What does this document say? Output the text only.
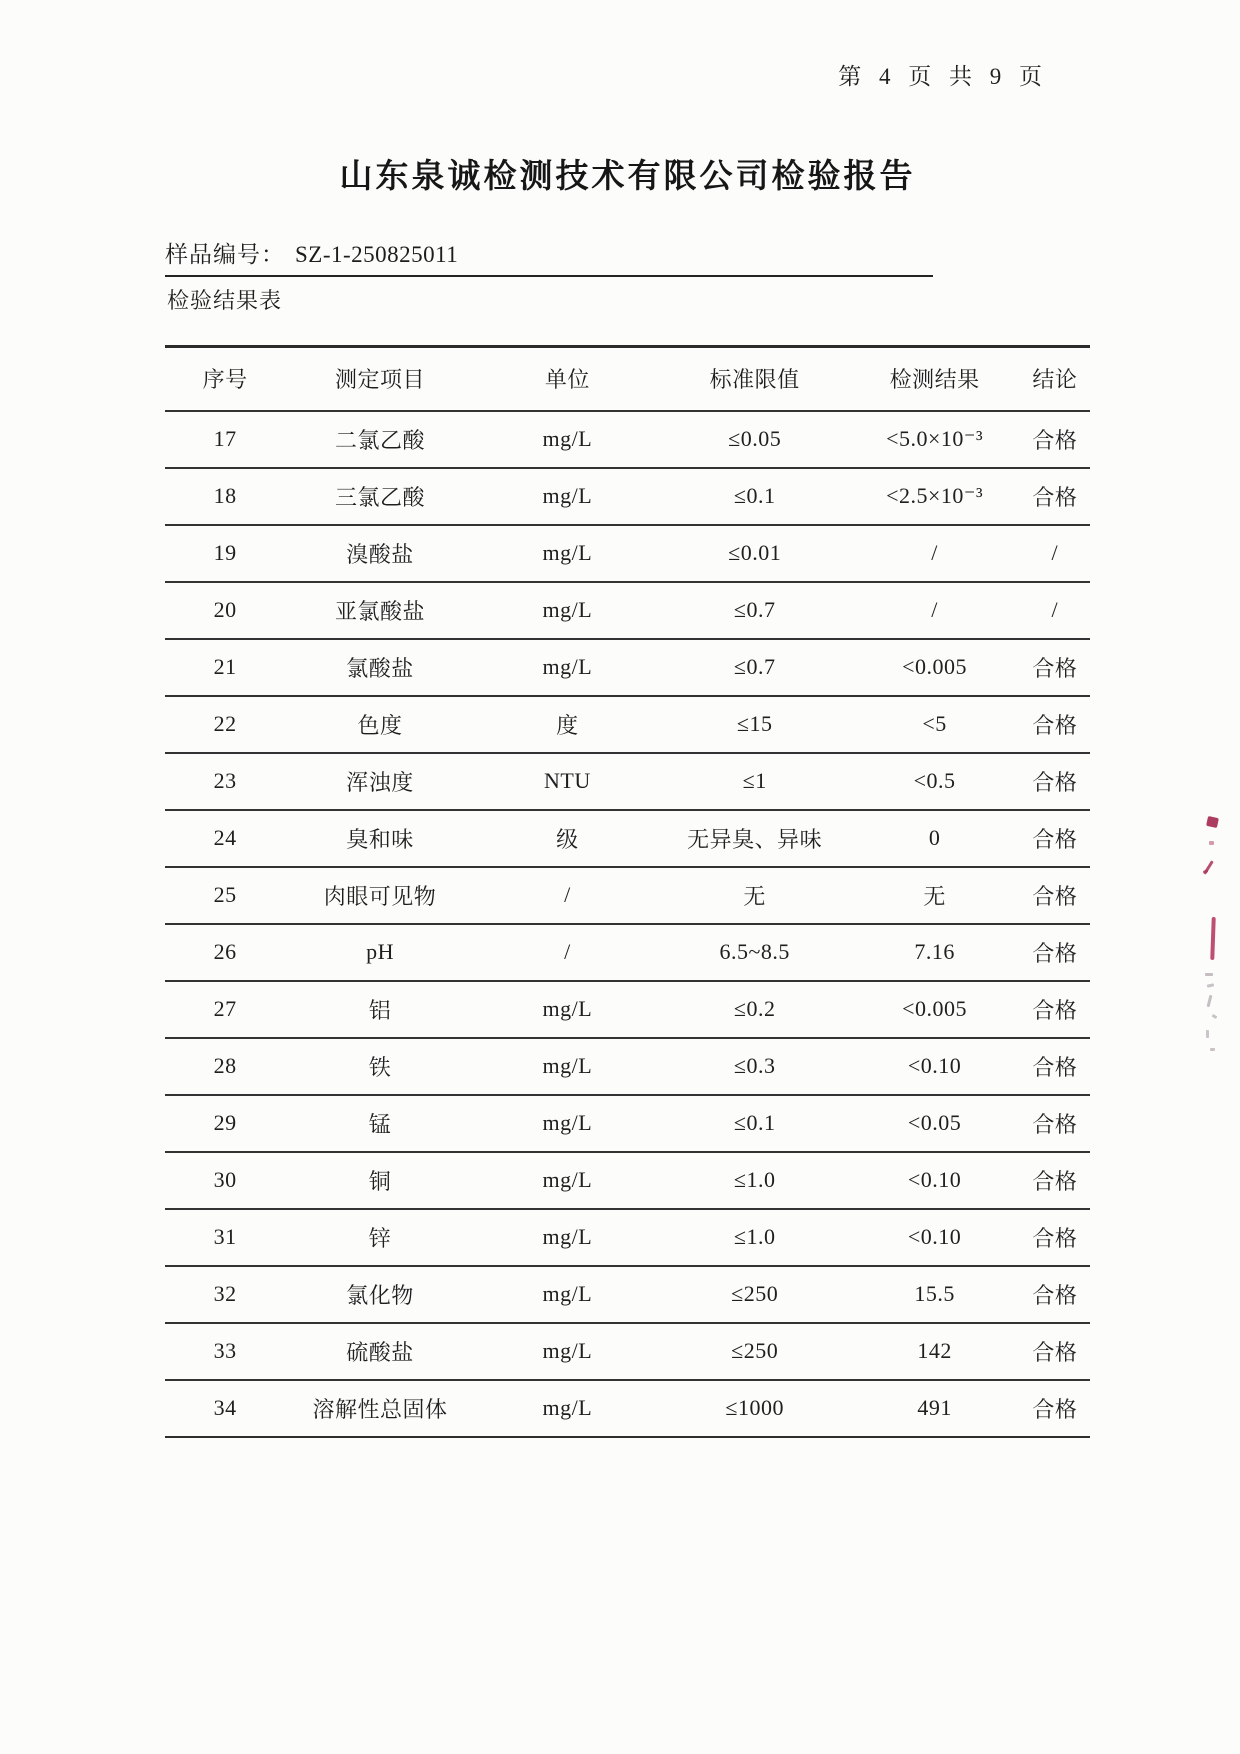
第 4 页 共 9 页
山东泉诚检测技术有限公司检验报告
样品编号： SZ-1-250825011
检验结果表
序号	测定项目	单位	标准限值	检测结果	结论
17	二氯乙酸	mg/L	≤0.05	<5.0×10⁻³	合格
18	三氯乙酸	mg/L	≤0.1	<2.5×10⁻³	合格
19	溴酸盐	mg/L	≤0.01	/	/
20	亚氯酸盐	mg/L	≤0.7	/	/
21	氯酸盐	mg/L	≤0.7	<0.005	合格
22	色度	度	≤15	<5	合格
23	浑浊度	NTU	≤1	<0.5	合格
24	臭和味	级	无异臭、异味	0	合格
25	肉眼可见物	/	无	无	合格
26	pH	/	6.5~8.5	7.16	合格
27	铝	mg/L	≤0.2	<0.005	合格
28	铁	mg/L	≤0.3	<0.10	合格
29	锰	mg/L	≤0.1	<0.05	合格
30	铜	mg/L	≤1.0	<0.10	合格
31	锌	mg/L	≤1.0	<0.10	合格
32	氯化物	mg/L	≤250	15.5	合格
33	硫酸盐	mg/L	≤250	142	合格
34	溶解性总固体	mg/L	≤1000	491	合格
